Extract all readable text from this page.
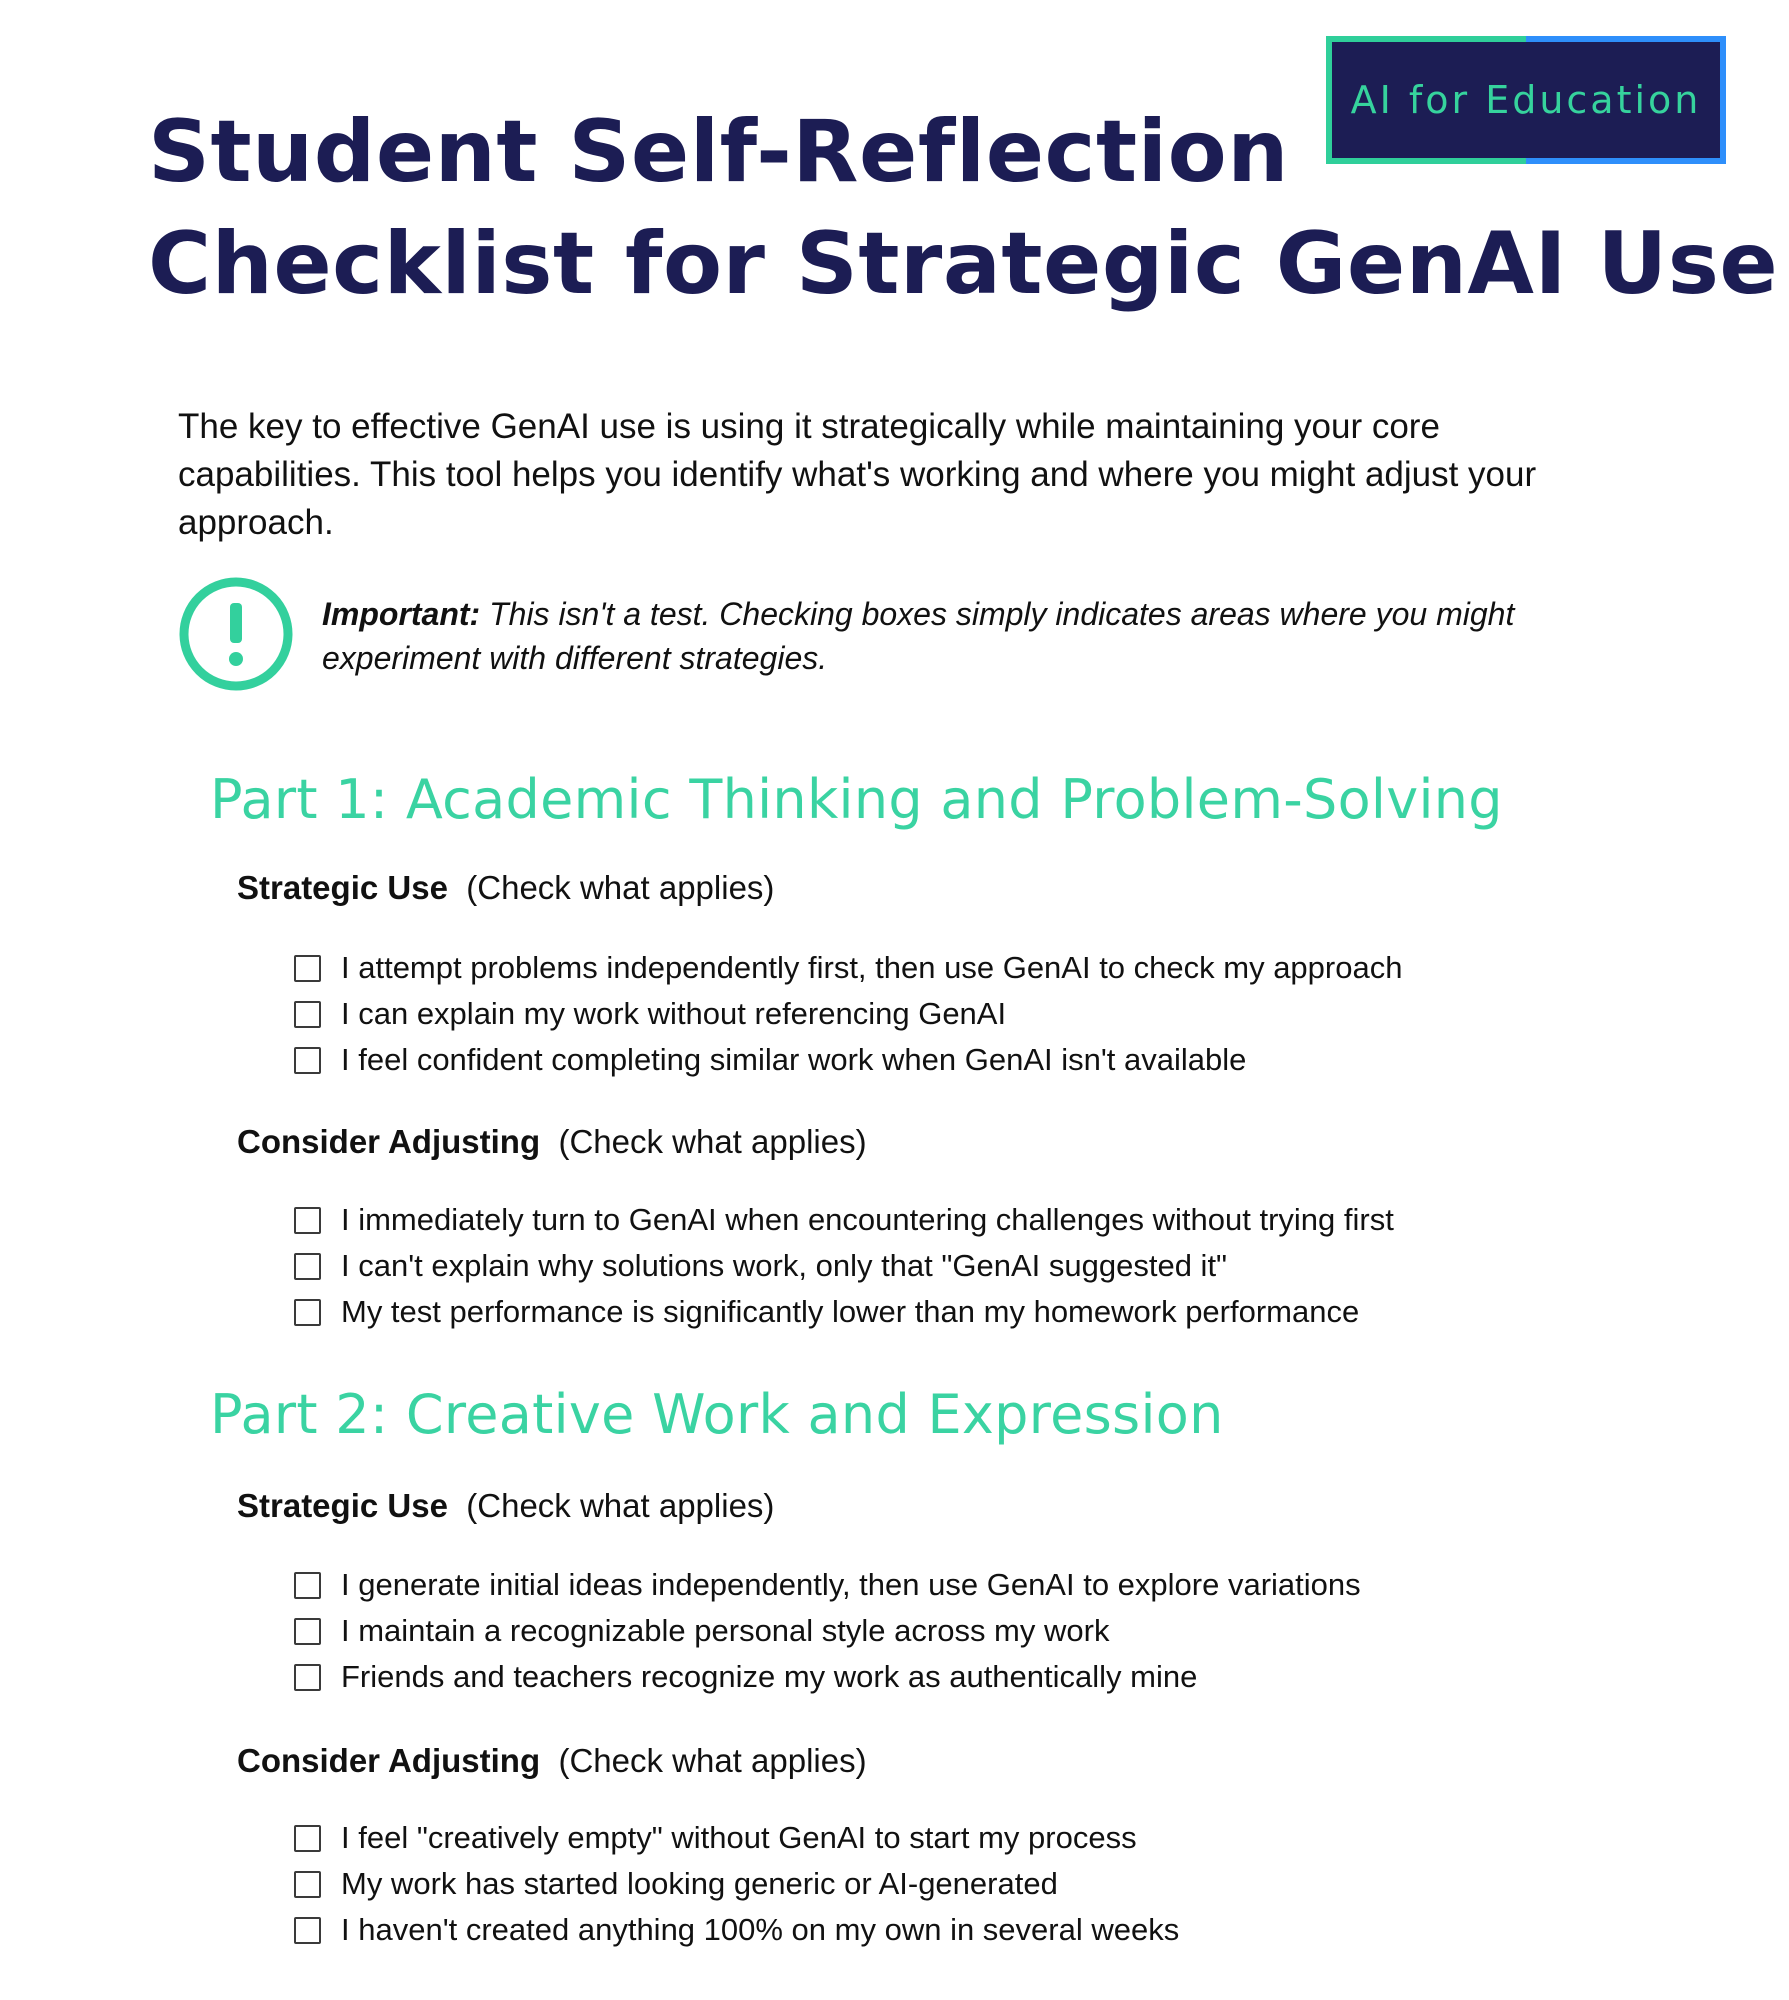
AI for Education
Student Self-Reflection
Checklist for Strategic GenAI Use

The key to effective GenAI use is using it strategically while maintaining your core capabilities. This tool helps you identify what's working and where you might adjust your approach.

Important: This isn't a test. Checking boxes simply indicates areas where you might experiment with different strategies.

Part 1: Academic Thinking and Problem-Solving
Strategic Use (Check what applies)
I attempt problems independently first, then use GenAI to check my approach
I can explain my work without referencing GenAI
I feel confident completing similar work when GenAI isn't available
Consider Adjusting (Check what applies)
I immediately turn to GenAI when encountering challenges without trying first
I can't explain why solutions work, only that "GenAI suggested it"
My test performance is significantly lower than my homework performance
Part 2: Creative Work and Expression
Strategic Use (Check what applies)
I generate initial ideas independently, then use GenAI to explore variations
I maintain a recognizable personal style across my work
Friends and teachers recognize my work as authentically mine
Consider Adjusting (Check what applies)
I feel "creatively empty" without GenAI to start my process
My work has started looking generic or AI-generated
I haven't created anything 100% on my own in several weeks
